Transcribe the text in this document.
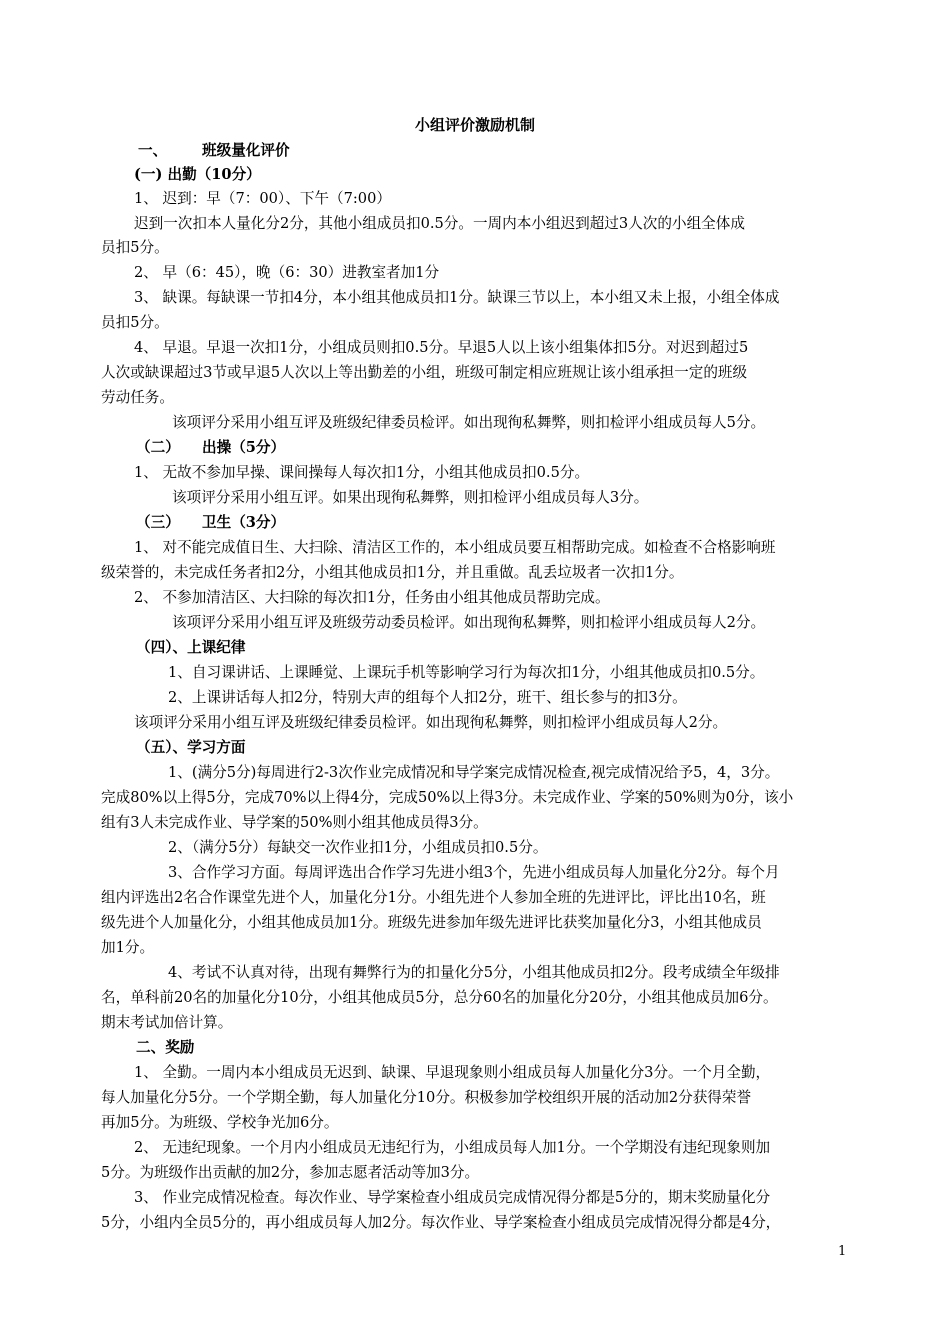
小组评价激励机制
一、 班级量化评价
(一) 出勤（10分）
1、 迟到：早（7：00）、下午（7:00）
迟到一次扣本人量化分2分，其他小组成员扣0.5分。一周内本小组迟到超过3人次的小组全体成
员扣5分。
2、 早（6：45），晚（6：30）进教室者加1分
3、 缺课。每缺课一节扣4分，本小组其他成员扣1分。缺课三节以上，本小组又未上报，小组全体成
员扣5分。
4、 早退。早退一次扣1分，小组成员则扣0.5分。早退5人以上该小组集体扣5分。对迟到超过5
人次或缺课超过3节或早退5人次以上等出勤差的小组，班级可制定相应班规让该小组承担一定的班级
劳动任务。
该项评分采用小组互评及班级纪律委员检评。如出现徇私舞弊，则扣检评小组成员每人5分。
（二） 出操（5分）
1、 无故不参加早操、课间操每人每次扣1分，小组其他成员扣0.5分。
该项评分采用小组互评。如果出现徇私舞弊，则扣检评小组成员每人3分。
（三） 卫生（3分）
1、 对不能完成值日生、大扫除、清洁区工作的，本小组成员要互相帮助完成。如检查不合格影响班
级荣誉的，未完成任务者扣2分，小组其他成员扣1分，并且重做。乱丢垃圾者一次扣1分。
2、 不参加清洁区、大扫除的每次扣1分，任务由小组其他成员帮助完成。
该项评分采用小组互评及班级劳动委员检评。如出现徇私舞弊，则扣检评小组成员每人2分。
（四）、上课纪律
1、自习课讲话、上课睡觉、上课玩手机等影响学习行为每次扣1分，小组其他成员扣0.5分。
2、上课讲话每人扣2分，特别大声的组每个人扣2分，班干、组长参与的扣3分。
该项评分采用小组互评及班级纪律委员检评。如出现徇私舞弊，则扣检评小组成员每人2分。
（五）、学习方面
1、(满分5分)每周进行2-3次作业完成情况和导学案完成情况检查,视完成情况给予5，4，3分。
完成80%以上得5分，完成70%以上得4分，完成50%以上得3分。未完成作业、学案的50%则为0分，该小
组有3人未完成作业、导学案的50%则小组其他成员得3分。
2、（满分5分）每缺交一次作业扣1分，小组成员扣0.5分。
3、合作学习方面。每周评选出合作学习先进小组3个，先进小组成员每人加量化分2分。每个月
组内评选出2名合作课堂先进个人，加量化分1分。小组先进个人参加全班的先进评比，评比出10名，班
级先进个人加量化分，小组其他成员加1分。班级先进参加年级先进评比获奖加量化分3，小组其他成员
加1分。
4、考试不认真对待，出现有舞弊行为的扣量化分5分，小组其他成员扣2分。段考成绩全年级排
名，单科前20名的加量化分10分，小组其他成员5分，总分60名的加量化分20分，小组其他成员加6分。
期末考试加倍计算。
二、奖励
1、 全勤。一周内本小组成员无迟到、缺课、早退现象则小组成员每人加量化分3分。一个月全勤，
每人加量化分5分。一个学期全勤，每人加量化分10分。积极参加学校组织开展的活动加2分获得荣誉
再加5分。为班级、学校争光加6分。
2、 无违纪现象。一个月内小组成员无违纪行为，小组成员每人加1分。一个学期没有违纪现象则加
5分。为班级作出贡献的加2分，参加志愿者活动等加3分。
3、 作业完成情况检查。每次作业、导学案检查小组成员完成情况得分都是5分的，期末奖励量化分
5分，小组内全员5分的，再小组成员每人加2分。每次作业、导学案检查小组成员完成情况得分都是4分，
1
